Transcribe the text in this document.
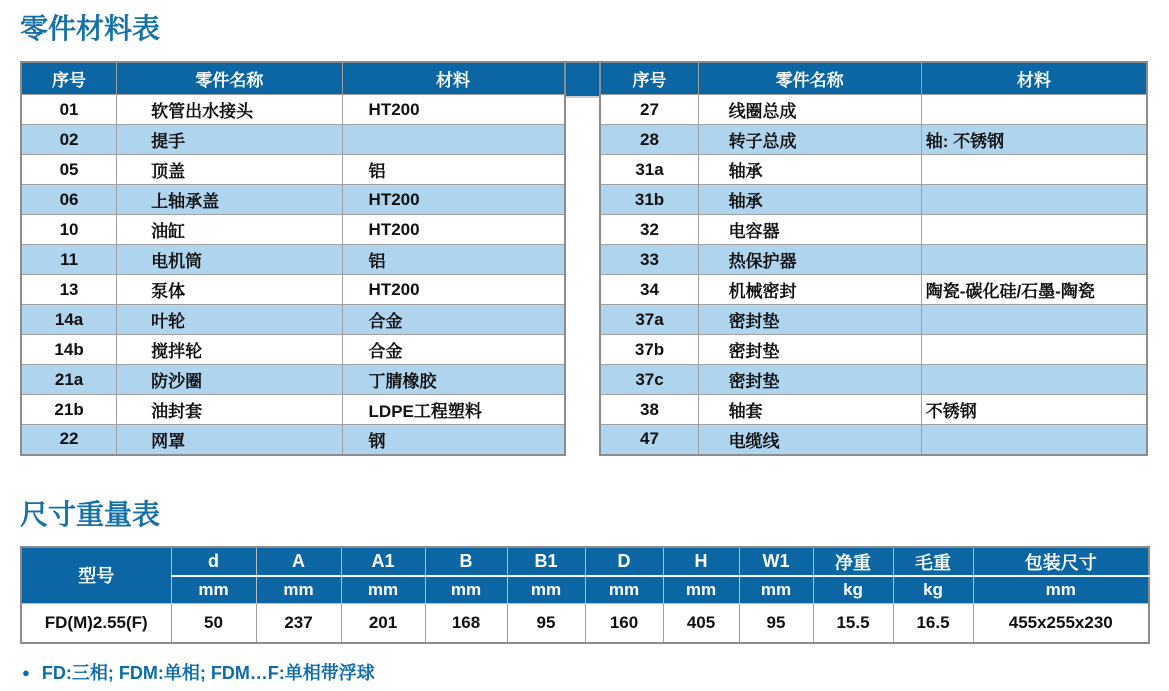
零件材料表
序号	零件名称	材料
01	软管出水接头	HT200
02	提手	
05	顶盖	铝
06	上轴承盖	HT200
10	油缸	HT200
11	电机筒	铝
13	泵体	HT200
14a	叶轮	合金
14b	搅拌轮	合金
21a	防沙圈	丁腈橡胶
21b	油封套	LDPE工程塑料
22	网罩	钢
序号	零件名称	材料
27	线圈总成	
28	转子总成	轴: 不锈钢
31a	轴承	
31b	轴承	
32	电容器	
33	热保护器	
34	机械密封	陶瓷-碳化硅/石墨-陶瓷
37a	密封垫	
37b	密封垫	
37c	密封垫	
38	轴套	不锈钢
47	电缆线	
尺寸重量表
型号	d	A	A1	B	B1	D	H	W1	净重	毛重	包装尺寸
	mm	mm	mm	mm	mm	mm	mm	mm	kg	kg	mm
FD(M)2.55(F)	50	237	201	168	95	160	405	95	15.5	16.5	455x255x230
● FD:三相; FDM:单相; FDM…F:单相带浮球
